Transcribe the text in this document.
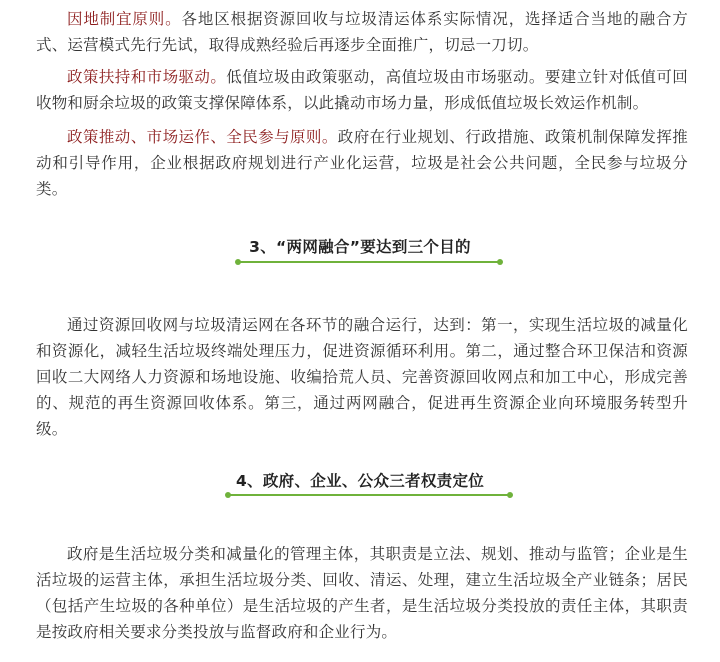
因地制宜原则。各地区根据资源回收与垃圾清运体系实际情况，选择适合当地的融合方式、运营模式先行先试，取得成熟经验后再逐步全面推广，切忌一刀切。

政策扶持和市场驱动。低值垃圾由政策驱动，高值垃圾由市场驱动。要建立针对低值可回收物和厨余垃圾的政策支撑保障体系，以此撬动市场力量，形成低值垃圾长效运作机制。

政策推动、市场运作、全民参与原则。政府在行业规划、行政措施、政策机制保障发挥推动和引导作用，企业根据政府规划进行产业化运营，垃圾是社会公共问题，全民参与垃圾分类。

3、“两网融合”要达到三个目的

通过资源回收网与垃圾清运网在各环节的融合运行，达到：第一，实现生活垃圾的减量化和资源化，减轻生活垃圾终端处理压力，促进资源循环利用。第二，通过整合环卫保洁和资源回收二大网络人力资源和场地设施、收编拾荒人员、完善资源回收网点和加工中心，形成完善的、规范的再生资源回收体系。第三，通过两网融合，促进再生资源企业向环境服务转型升级。

4、政府、企业、公众三者权责定位

政府是生活垃圾分类和减量化的管理主体，其职责是立法、规划、推动与监管；企业是生活垃圾的运营主体，承担生活垃圾分类、回收、清运、处理，建立生活垃圾全产业链条；居民（包括产生垃圾的各种单位）是生活垃圾的产生者，是生活垃圾分类投放的责任主体，其职责是按政府相关要求分类投放与监督政府和企业行为。
